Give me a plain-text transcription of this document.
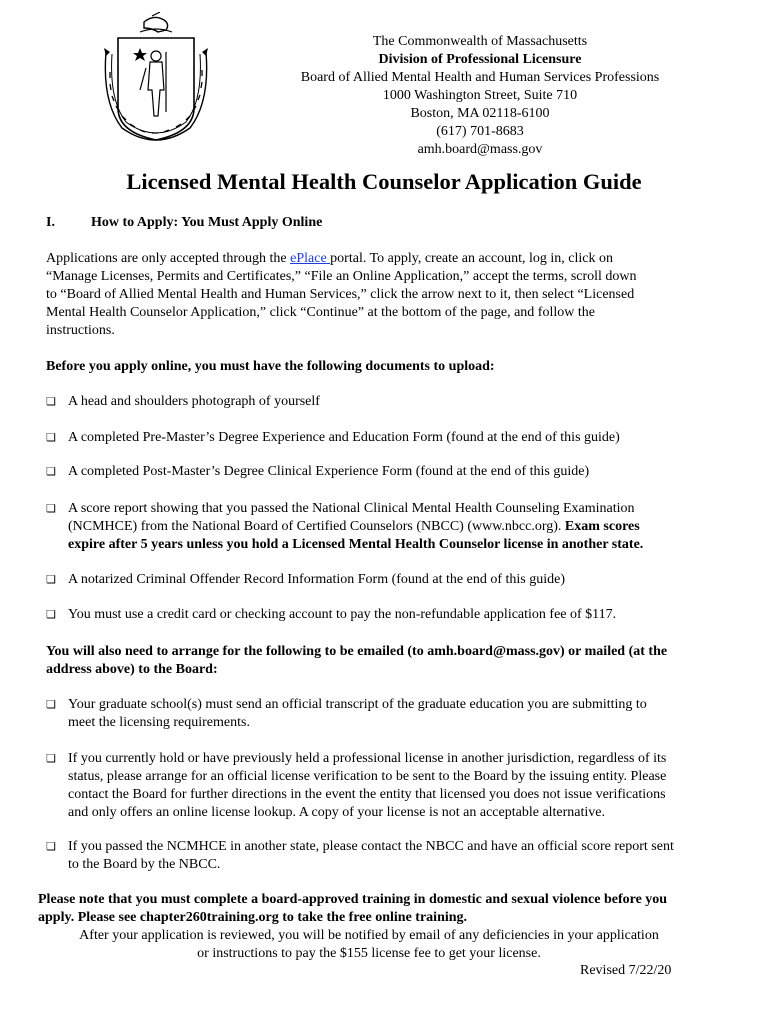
The Commonwealth of Massachusetts
Division of Professional Licensure
Board of Allied Mental Health and Human Services Professions
1000 Washington Street, Suite 710
Boston, MA 02118-6100
(617) 701-8683
amh.board@mass.gov
Licensed Mental Health Counselor Application Guide
I.	How to Apply: You Must Apply Online
Applications are only accepted through the ePlace portal. To apply, create an account, log in, click on
“Manage Licenses, Permits and Certificates,” “File an Online Application,” accept the terms, scroll down
to “Board of Allied Mental Health and Human Services,” click the arrow next to it, then select “Licensed
Mental Health Counselor Application,” click “Continue” at the bottom of the page, and follow the
instructions.
Before you apply online, you must have the following documents to upload:
❏ A head and shoulders photograph of yourself
❏ A completed Pre-Master’s Degree Experience and Education Form (found at the end of this guide)
❏ A completed Post-Master’s Degree Clinical Experience Form (found at the end of this guide)
❏ A score report showing that you passed the National Clinical Mental Health Counseling Examination
(NCMHCE) from the National Board of Certified Counselors (NBCC) (www.nbcc.org). Exam scores
expire after 5 years unless you hold a Licensed Mental Health Counselor license in another state.
❏ A notarized Criminal Offender Record Information Form (found at the end of this guide)
❏ You must use a credit card or checking account to pay the non-refundable application fee of $117.
You will also need to arrange for the following to be emailed (to amh.board@mass.gov) or mailed (at the
address above) to the Board:
❏ Your graduate school(s) must send an official transcript of the graduate education you are submitting to
meet the licensing requirements.
❏ If you currently hold or have previously held a professional license in another jurisdiction, regardless of its
status, please arrange for an official license verification to be sent to the Board by the issuing entity. Please
contact the Board for further directions in the event the entity that licensed you does not issue verifications
and only offers an online license lookup. A copy of your license is not an acceptable alternative.
❏ If you passed the NCMHCE in another state, please contact the NBCC and have an official score report sent
to the Board by the NBCC.
Please note that you must complete a board-approved training in domestic and sexual violence before you
apply. Please see chapter260training.org to take the free online training.
After your application is reviewed, you will be notified by email of any deficiencies in your application
or instructions to pay the $155 license fee to get your license.
Revised 7/22/20
